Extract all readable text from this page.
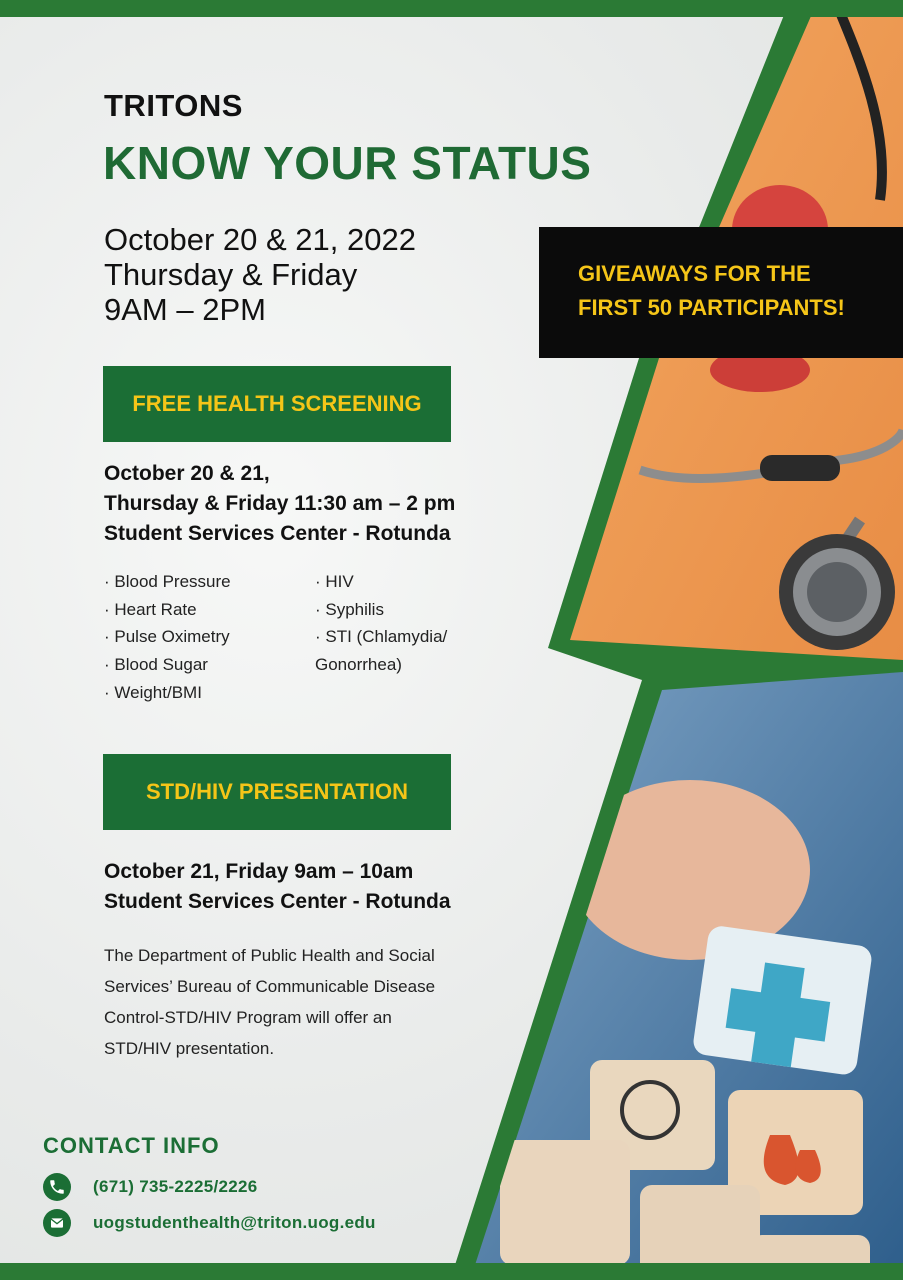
TRITONS
KNOW YOUR STATUS
October 20 & 21, 2022
Thursday & Friday
9AM – 2PM
GIVEAWAYS FOR THE
FIRST 50 PARTICIPANTS!
FREE HEALTH SCREENING
October 20 & 21,
Thursday & Friday 11:30 am – 2 pm
Student Services Center - Rotunda
· Blood Pressure
· Heart Rate
· Pulse Oximetry
· Blood Sugar
· Weight/BMI
· HIV
· Syphilis
· STI (Chlamydia/
Gonorrhea)
STD/HIV PRESENTATION
October 21, Friday 9am – 10am
Student Services Center - Rotunda
The Department of Public Health and Social
Services’ Bureau of Communicable Disease
Control-STD/HIV Program will offer an
STD/HIV presentation.
CONTACT INFO
(671) 735-2225/2226
uogstudenthealth@triton.uog.edu
